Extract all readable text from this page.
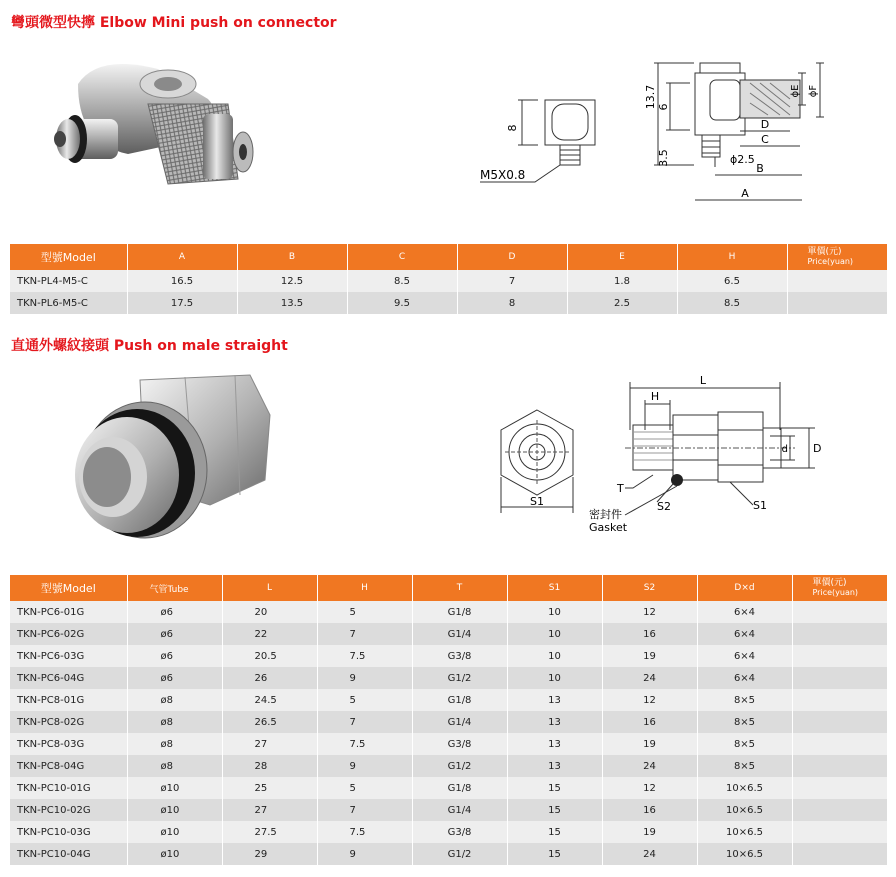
彎頭微型快擰 Elbow Mini push on connector
8
M5X0.8
13.7 6
3.5
D
C
ϕ2.5
B
A
ϕE ϕF
型號Model	A	B	C	D	E	H	單價(元)
Price(yuan)
TKN-PL4-M5-C	16.5	12.5	8.5	7	1.8	6.5	
TKN-PL6-M5-C	17.5	13.5	9.5	8	2.5	8.5	
直通外螺紋接頭 Push on male straight
S1
L
H
d D
T
S2	S1
密封件
Gasket
型號Model	气管Tube	L	H	T	S1	S2	D×d	單價(元)
Price(yuan)
TKN-PC6-01G	ø6	20	5	G1/8	10	12	6×4	
TKN-PC6-02G	ø6	22	7	G1/4	10	16	6×4	
TKN-PC6-03G	ø6	20.5	7.5	G3/8	10	19	6×4	
TKN-PC6-04G	ø6	26	9	G1/2	10	24	6×4	
TKN-PC8-01G	ø8	24.5	5	G1/8	13	12	8×5	
TKN-PC8-02G	ø8	26.5	7	G1/4	13	16	8×5	
TKN-PC8-03G	ø8	27	7.5	G3/8	13	19	8×5	
TKN-PC8-04G	ø8	28	9	G1/2	13	24	8×5	
TKN-PC10-01G	ø10	25	5	G1/8	15	12	10×6.5	
TKN-PC10-02G	ø10	27	7	G1/4	15	16	10×6.5	
TKN-PC10-03G	ø10	27.5	7.5	G3/8	15	19	10×6.5	
TKN-PC10-04G	ø10	29	9	G1/2	15	24	10×6.5	
